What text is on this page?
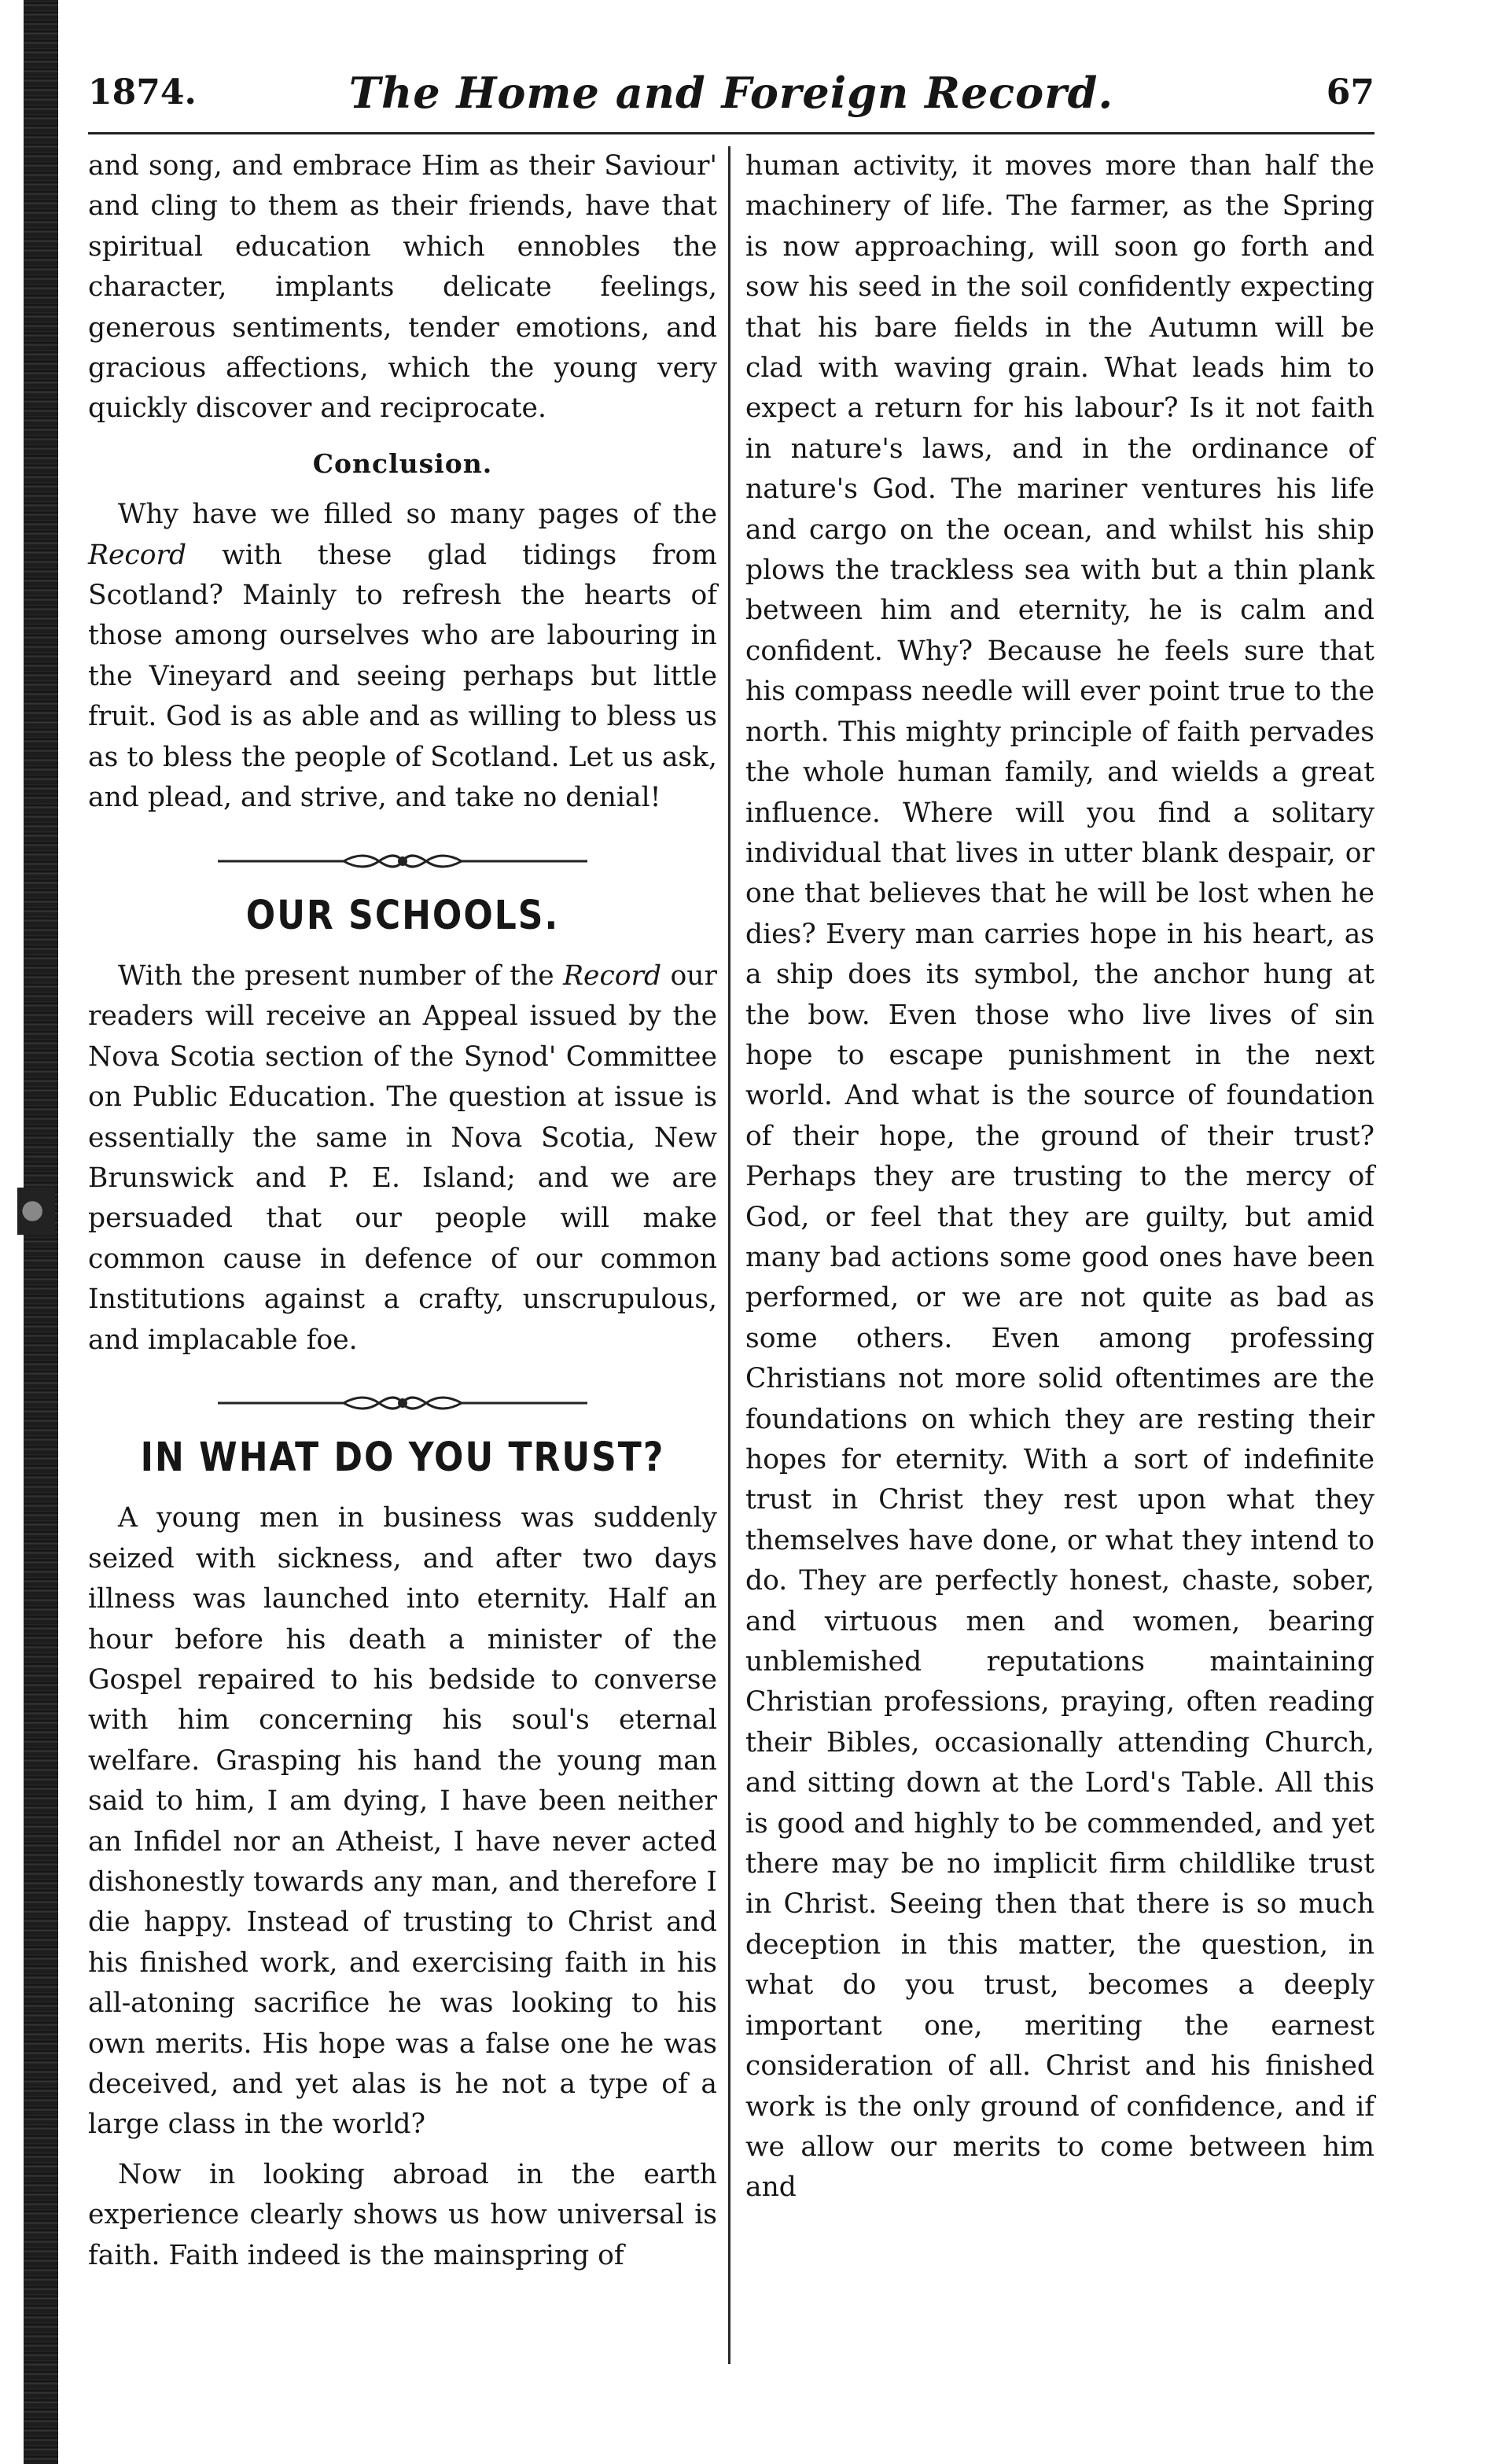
1874.	The Home and Foreign Record.	67

and song, and embrace Him as their Saviour' and cling to them as their friends, have that spiritual education which ennobles the character, implants delicate feelings, generous sentiments, tender emotions, and gracious affections, which the young very quickly discover and reciprocate.

Conclusion.

Why have we filled so many pages of the Record with these glad tidings from Scotland? Mainly to refresh the hearts of those among ourselves who are labouring in the Vineyard and seeing perhaps but little fruit. God is as able and as willing to bless us as to bless the people of Scotland. Let us ask, and plead, and strive, and take no denial!

OUR SCHOOLS.

With the present number of the Record our readers will receive an Appeal issued by the Nova Scotia section of the Synod' Committee on Public Education. The question at issue is essentially the same in Nova Scotia, New Brunswick and P. E. Island; and we are persuaded that our people will make common cause in defence of our common Institutions against a crafty, unscrupulous, and implacable foe.

IN WHAT DO YOU TRUST?

A young men in business was suddenly seized with sickness, and after two days illness was launched into eternity. Half an hour before his death a minister of the Gospel repaired to his bedside to converse with him concerning his soul's eternal welfare. Grasping his hand the young man said to him, I am dying, I have been neither an Infidel nor an Atheist, I have never acted dishonestly towards any man, and therefore I die happy. Instead of trusting to Christ and his finished work, and exercising faith in his all-atoning sacrifice he was looking to his own merits. His hope was a false one he was deceived, and yet alas is he not a type of a large class in the world?

Now in looking abroad in the earth experience clearly shows us how universal is faith. Faith indeed is the mainspring of

human activity, it moves more than half the machinery of life. The farmer, as the Spring is now approaching, will soon go forth and sow his seed in the soil confidently expecting that his bare fields in the Autumn will be clad with waving grain. What leads him to expect a return for his labour? Is it not faith in nature's laws, and in the ordinance of nature's God. The mariner ventures his life and cargo on the ocean, and whilst his ship plows the trackless sea with but a thin plank between him and eternity, he is calm and confident. Why? Because he feels sure that his compass needle will ever point true to the north. This mighty principle of faith pervades the whole human family, and wields a great influence. Where will you find a solitary individual that lives in utter blank despair, or one that believes that he will be lost when he dies? Every man carries hope in his heart, as a ship does its symbol, the anchor hung at the bow. Even those who live lives of sin hope to escape punishment in the next world. And what is the source of foundation of their hope, the ground of their trust? Perhaps they are trusting to the mercy of God, or feel that they are guilty, but amid many bad actions some good ones have been performed, or we are not quite as bad as some others. Even among professing Christians not more solid oftentimes are the foundations on which they are resting their hopes for eternity. With a sort of indefinite trust in Christ they rest upon what they themselves have done, or what they intend to do. They are perfectly honest, chaste, sober, and virtuous men and women, bearing unblemished reputations maintaining Christian professions, praying, often reading their Bibles, occasionally attending Church, and sitting down at the Lord's Table. All this is good and highly to be commended, and yet there may be no implicit firm childlike trust in Christ. Seeing then that there is so much deception in this matter, the question, in what do you trust, becomes a deeply important one, meriting the earnest consideration of all. Christ and his finished work is the only ground of confidence, and if we allow our merits to come between him and
